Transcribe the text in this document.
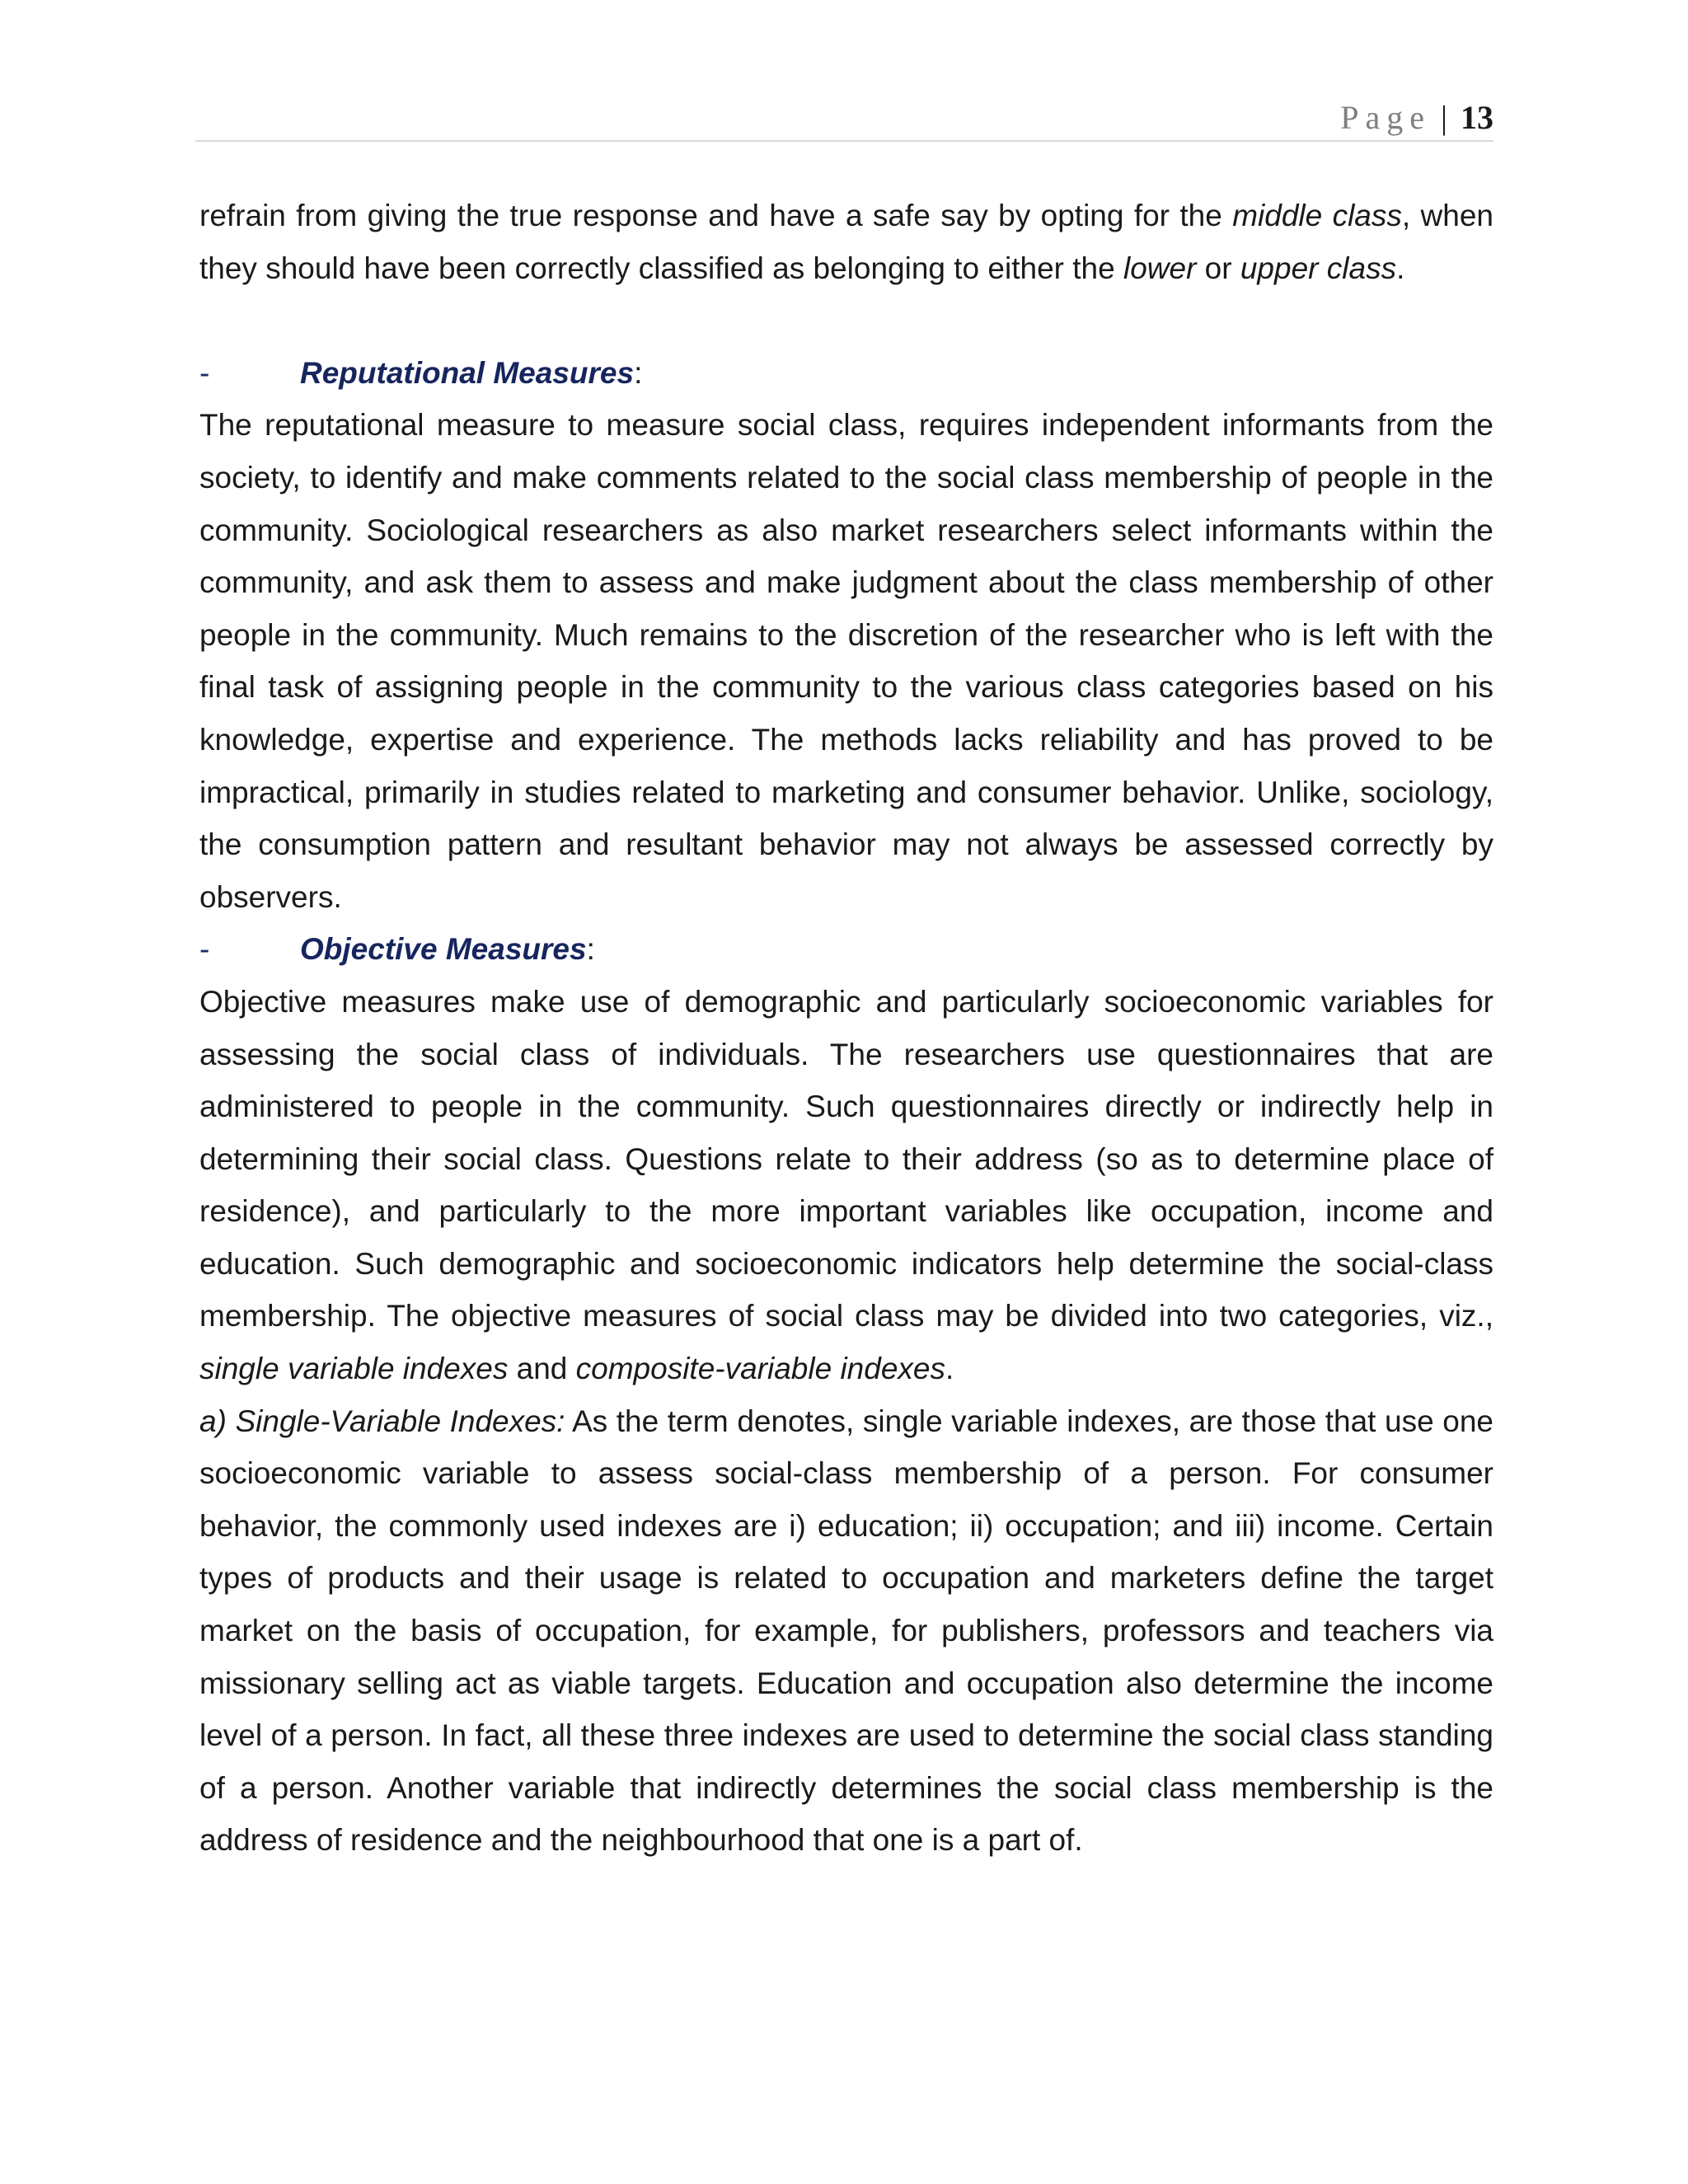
Page | 13

refrain from giving the true response and have a safe say by opting for the middle class, when they should have been correctly classified as belonging to either the lower or upper class.

-	Reputational Measures:

The reputational measure to measure social class, requires independent informants from the society, to identify and make comments related to the social class membership of people in the community. Sociological researchers as also market researchers select informants within the community, and ask them to assess and make judgment about the class membership of other people in the community. Much remains to the discretion of the researcher who is left with the final task of assigning people in the community to the various class categories based on his knowledge, expertise and experience. The methods lacks reliability and has proved to be impractical, primarily in studies related to marketing and consumer behavior. Unlike, sociology, the consumption pattern and resultant behavior may not always be assessed correctly by observers.

-	Objective Measures:

Objective measures make use of demographic and particularly socioeconomic variables for assessing the social class of individuals. The researchers use questionnaires that are administered to people in the community. Such questionnaires directly or indirectly help in determining their social class. Questions relate to their address (so as to determine place of residence), and particularly to the more important variables like occupation, income and education. Such demographic and socioeconomic indicators help determine the social-class membership. The objective measures of social class may be divided into two categories, viz., single variable indexes and composite-variable indexes.

a) Single-Variable Indexes: As the term denotes, single variable indexes, are those that use one socioeconomic variable to assess social-class membership of a person. For consumer behavior, the commonly used indexes are i) education; ii) occupation; and iii) income. Certain types of products and their usage is related to occupation and marketers define the target market on the basis of occupation, for example, for publishers, professors and teachers via missionary selling act as viable targets. Education and occupation also determine the income level of a person. In fact, all these three indexes are used to determine the social class standing of a person. Another variable that indirectly determines the social class membership is the address of residence and the neighbourhood that one is a part of.
